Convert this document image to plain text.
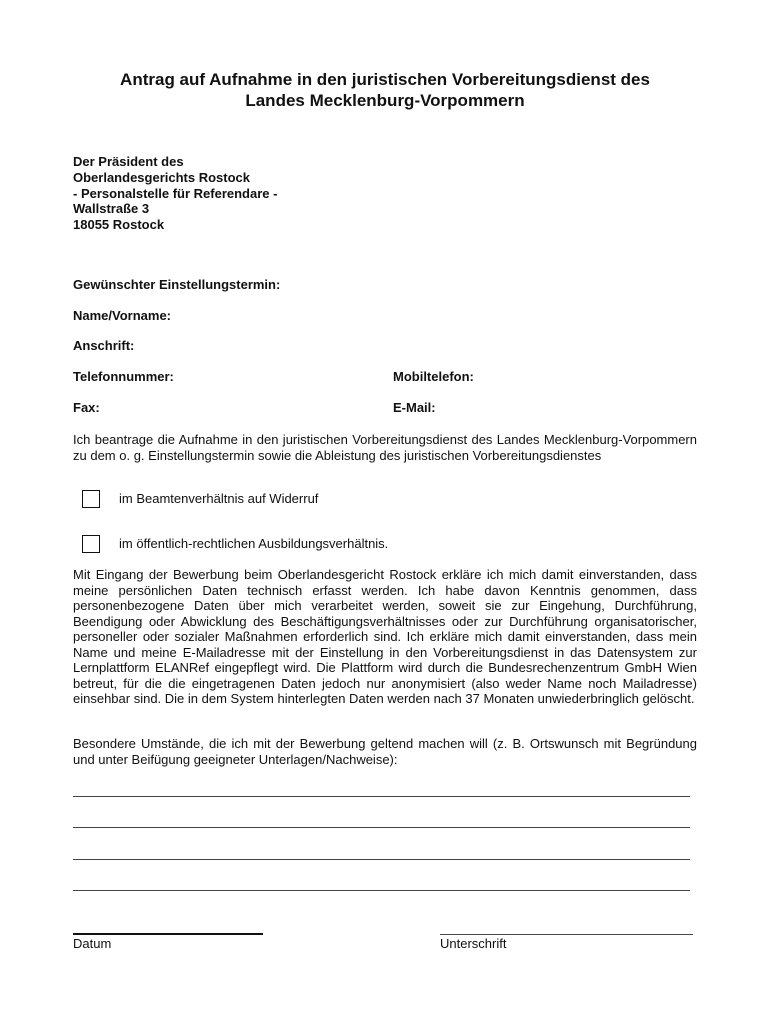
Antrag auf Aufnahme in den juristischen Vorbereitungsdienst des
Landes Mecklenburg-Vorpommern
Der Präsident des
Oberlandesgerichts Rostock
- Personalstelle für Referendare -
Wallstraße 3
18055 Rostock
Gewünschter Einstellungstermin:
Name/Vorname:
Anschrift:
Telefonnummer:	Mobiltelefon:
Fax:	E-Mail:
Ich beantrage die Aufnahme in den juristischen Vorbereitungsdienst des Landes Mecklenburg-Vorpommern zu dem o. g. Einstellungstermin sowie die Ableistung des juristischen Vorbereitungsdienstes
im Beamtenverhältnis auf Widerruf
im öffentlich-rechtlichen Ausbildungsverhältnis.
Mit Eingang der Bewerbung beim Oberlandesgericht Rostock erkläre ich mich damit einverstanden, dass meine persönlichen Daten technisch erfasst werden. Ich habe davon Kenntnis genommen, dass personenbezogene Daten über mich verarbeitet werden, soweit sie zur Eingehung, Durchführung, Beendigung oder Abwicklung des Beschäftigungsverhältnisses oder zur Durchführung organisatorischer, personeller oder sozialer Maßnahmen erforderlich sind. Ich erkläre mich damit einverstanden, dass mein Name und meine E-Mailadresse mit der Einstellung in den Vorbereitungsdienst in das Datensystem zur Lernplattform ELANRef eingepflegt wird. Die Plattform wird durch die Bundesrechenzentrum GmbH Wien betreut, für die die eingetragenen Daten jedoch nur anonymisiert (also weder Name noch Mailadresse) einsehbar sind. Die in dem System hinterlegten Daten werden nach 37 Monaten unwiederbringlich gelöscht.
Besondere Umstände, die ich mit der Bewerbung geltend machen will (z. B. Ortswunsch mit Begründung und unter Beifügung geeigneter Unterlagen/Nachweise):
Datum	Unterschrift
